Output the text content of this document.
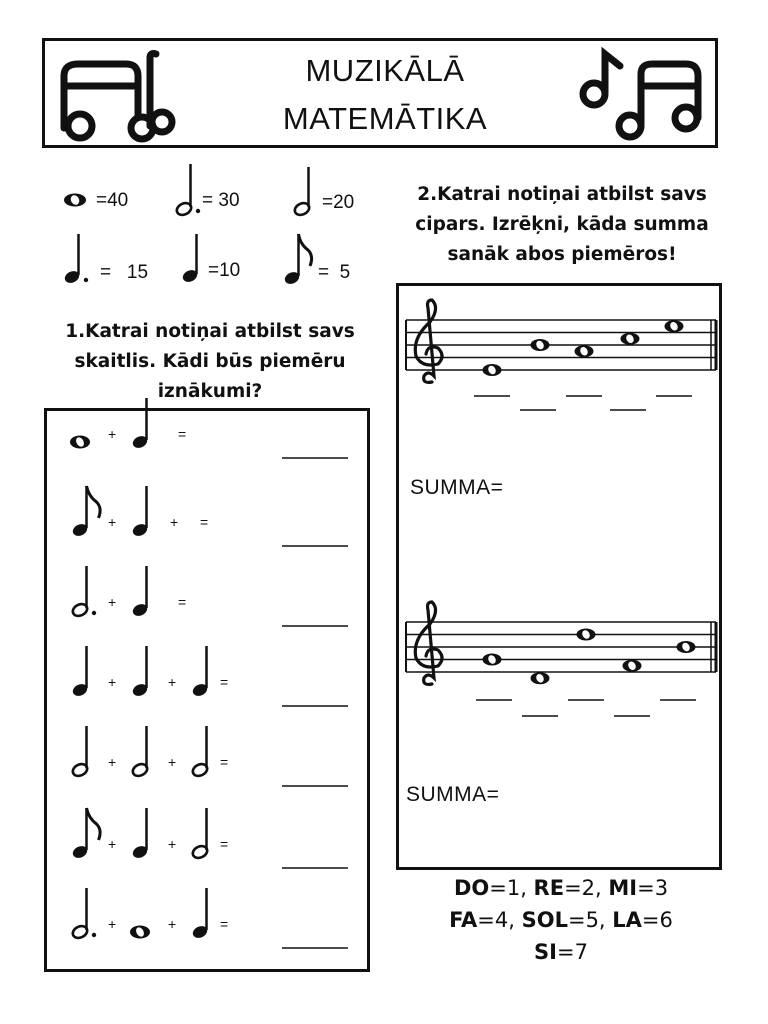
MUZIKĀLĀ
MATEMĀTIKA
=40	= 30	=20
=   15	=10	=  5
1.Katrai notiņai atbilst savs
skaitlis. Kādi būs piemēru
iznākumi?
+	=
+	+ =
+	=
+	+	=
+	+	=
+	+	=
+	+	=
2.Katrai notiņai atbilst savs
cipars. Izrēķni, kāda summa
sanāk abos piemēros!
SUMMA=
SUMMA=
DO=1, RE=2, MI=3
FA=4, SOL=5, LA=6
SI=7
